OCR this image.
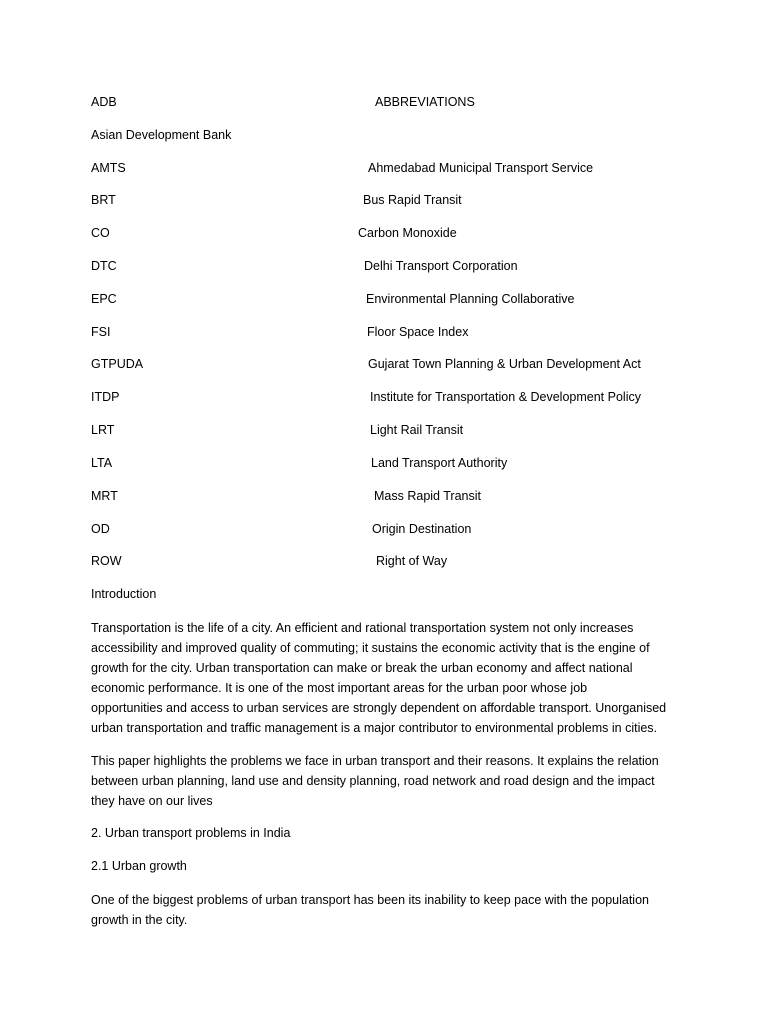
ADB	ABBREVIATIONS
Asian Development Bank
AMTS	Ahmedabad Municipal Transport Service
BRT	Bus Rapid Transit
CO	Carbon Monoxide
DTC	Delhi Transport Corporation
EPC	Environmental Planning Collaborative
FSI	Floor Space Index
GTPUDA	Gujarat Town Planning & Urban Development Act
ITDP	Institute for Transportation & Development Policy
LRT	Light Rail Transit
LTA	Land Transport Authority
MRT	Mass Rapid Transit
OD	Origin Destination
ROW	Right of Way
Introduction
Transportation is the life of a city. An efficient and rational transportation system not only increases
accessibility and improved quality of commuting; it sustains the economic activity that is the engine of
growth for the city. Urban transportation can make or break the urban economy and affect national
economic performance. It is one of the most important areas for the urban poor whose job
opportunities and access to urban services are strongly dependent on affordable transport. Unorganised
urban transportation and traffic management is a major contributor to environmental problems in cities.
This paper highlights the problems we face in urban transport and their reasons. It explains the relation
between urban planning, land use and density planning, road network and road design and the impact
they have on our lives
2. Urban transport problems in India
2.1 Urban growth
One of the biggest problems of urban transport has been its inability to keep pace with the population
growth in the city.
